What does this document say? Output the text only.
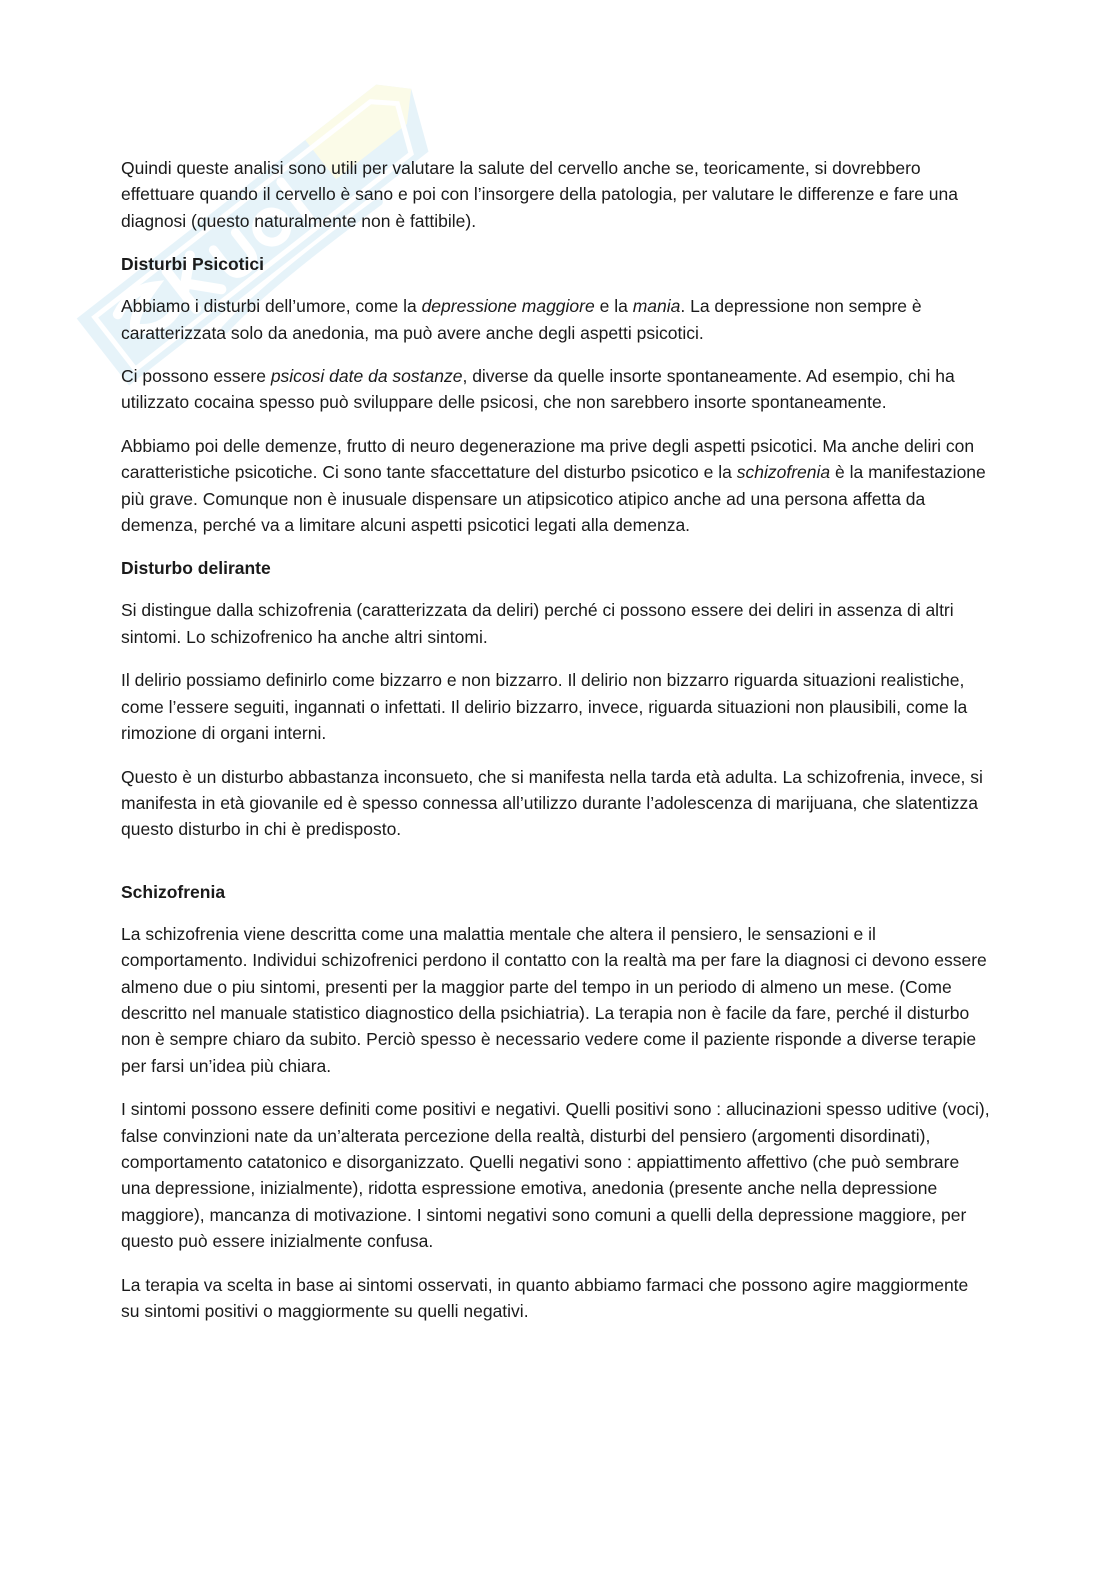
Quindi queste analisi sono utili per valutare la salute del cervello anche se, teoricamente, si dovrebbero effettuare quando il cervello è sano e poi con l’insorgere della patologia, per valutare le differenze e fare una diagnosi (questo naturalmente non è fattibile).

Disturbi Psicotici

Abbiamo i disturbi dell’umore, come la depressione maggiore e la mania. La depressione non sempre è caratterizzata solo da anedonia, ma può avere anche degli aspetti psicotici.

Ci possono essere psicosi date da sostanze, diverse da quelle insorte spontaneamente. Ad esempio, chi ha utilizzato cocaina spesso può sviluppare delle psicosi, che non sarebbero insorte spontaneamente.

Abbiamo poi delle demenze, frutto di neuro degenerazione ma prive degli aspetti psicotici. Ma anche deliri con caratteristiche psicotiche. Ci sono tante sfaccettature del disturbo psicotico e la schizofrenia è la manifestazione più grave. Comunque non è inusuale dispensare un atipsicotico atipico anche ad una persona affetta da demenza, perché va a limitare alcuni aspetti psicotici legati alla demenza.

Disturbo delirante

Si distingue dalla schizofrenia (caratterizzata da deliri) perché ci possono essere dei deliri in assenza di altri sintomi. Lo schizofrenico ha anche altri sintomi.

Il delirio possiamo definirlo come bizzarro e non bizzarro. Il delirio non bizzarro riguarda situazioni realistiche, come l’essere seguiti, ingannati o infettati. Il delirio bizzarro, invece, riguarda situazioni non plausibili, come la rimozione di organi interni.

Questo è un disturbo abbastanza inconsueto, che si manifesta nella tarda età adulta. La schizofrenia, invece, si manifesta in età giovanile ed è spesso connessa all’utilizzo durante l’adolescenza di marijuana, che slatentizza questo disturbo in chi è predisposto.

Schizofrenia

La schizofrenia viene descritta come una malattia mentale che altera il pensiero, le sensazioni e il comportamento. Individui schizofrenici perdono il contatto con la realtà ma per fare la diagnosi ci devono essere almeno due o piu sintomi, presenti per la maggior parte del tempo in un periodo di almeno un mese. (Come descritto nel manuale statistico diagnostico della psichiatria). La terapia non è facile da fare, perché il disturbo non è sempre chiaro da subito. Perciò spesso è necessario vedere come il paziente risponde a diverse terapie per farsi un’idea più chiara.

I sintomi possono essere definiti come positivi e negativi. Quelli positivi sono : allucinazioni spesso uditive (voci), false convinzioni nate da un’alterata percezione della realtà, disturbi del pensiero (argomenti disordinati), comportamento catatonico e disorganizzato. Quelli negativi sono : appiattimento affettivo (che può sembrare una depressione, inizialmente), ridotta espressione emotiva, anedonia (presente anche nella depressione maggiore), mancanza di motivazione. I sintomi negativi sono comuni a quelli della depressione maggiore, per questo può essere inizialmente confusa.

La terapia va scelta in base ai sintomi osservati, in quanto abbiamo farmaci che possono agire maggiormente su sintomi positivi o maggiormente su quelli negativi.
